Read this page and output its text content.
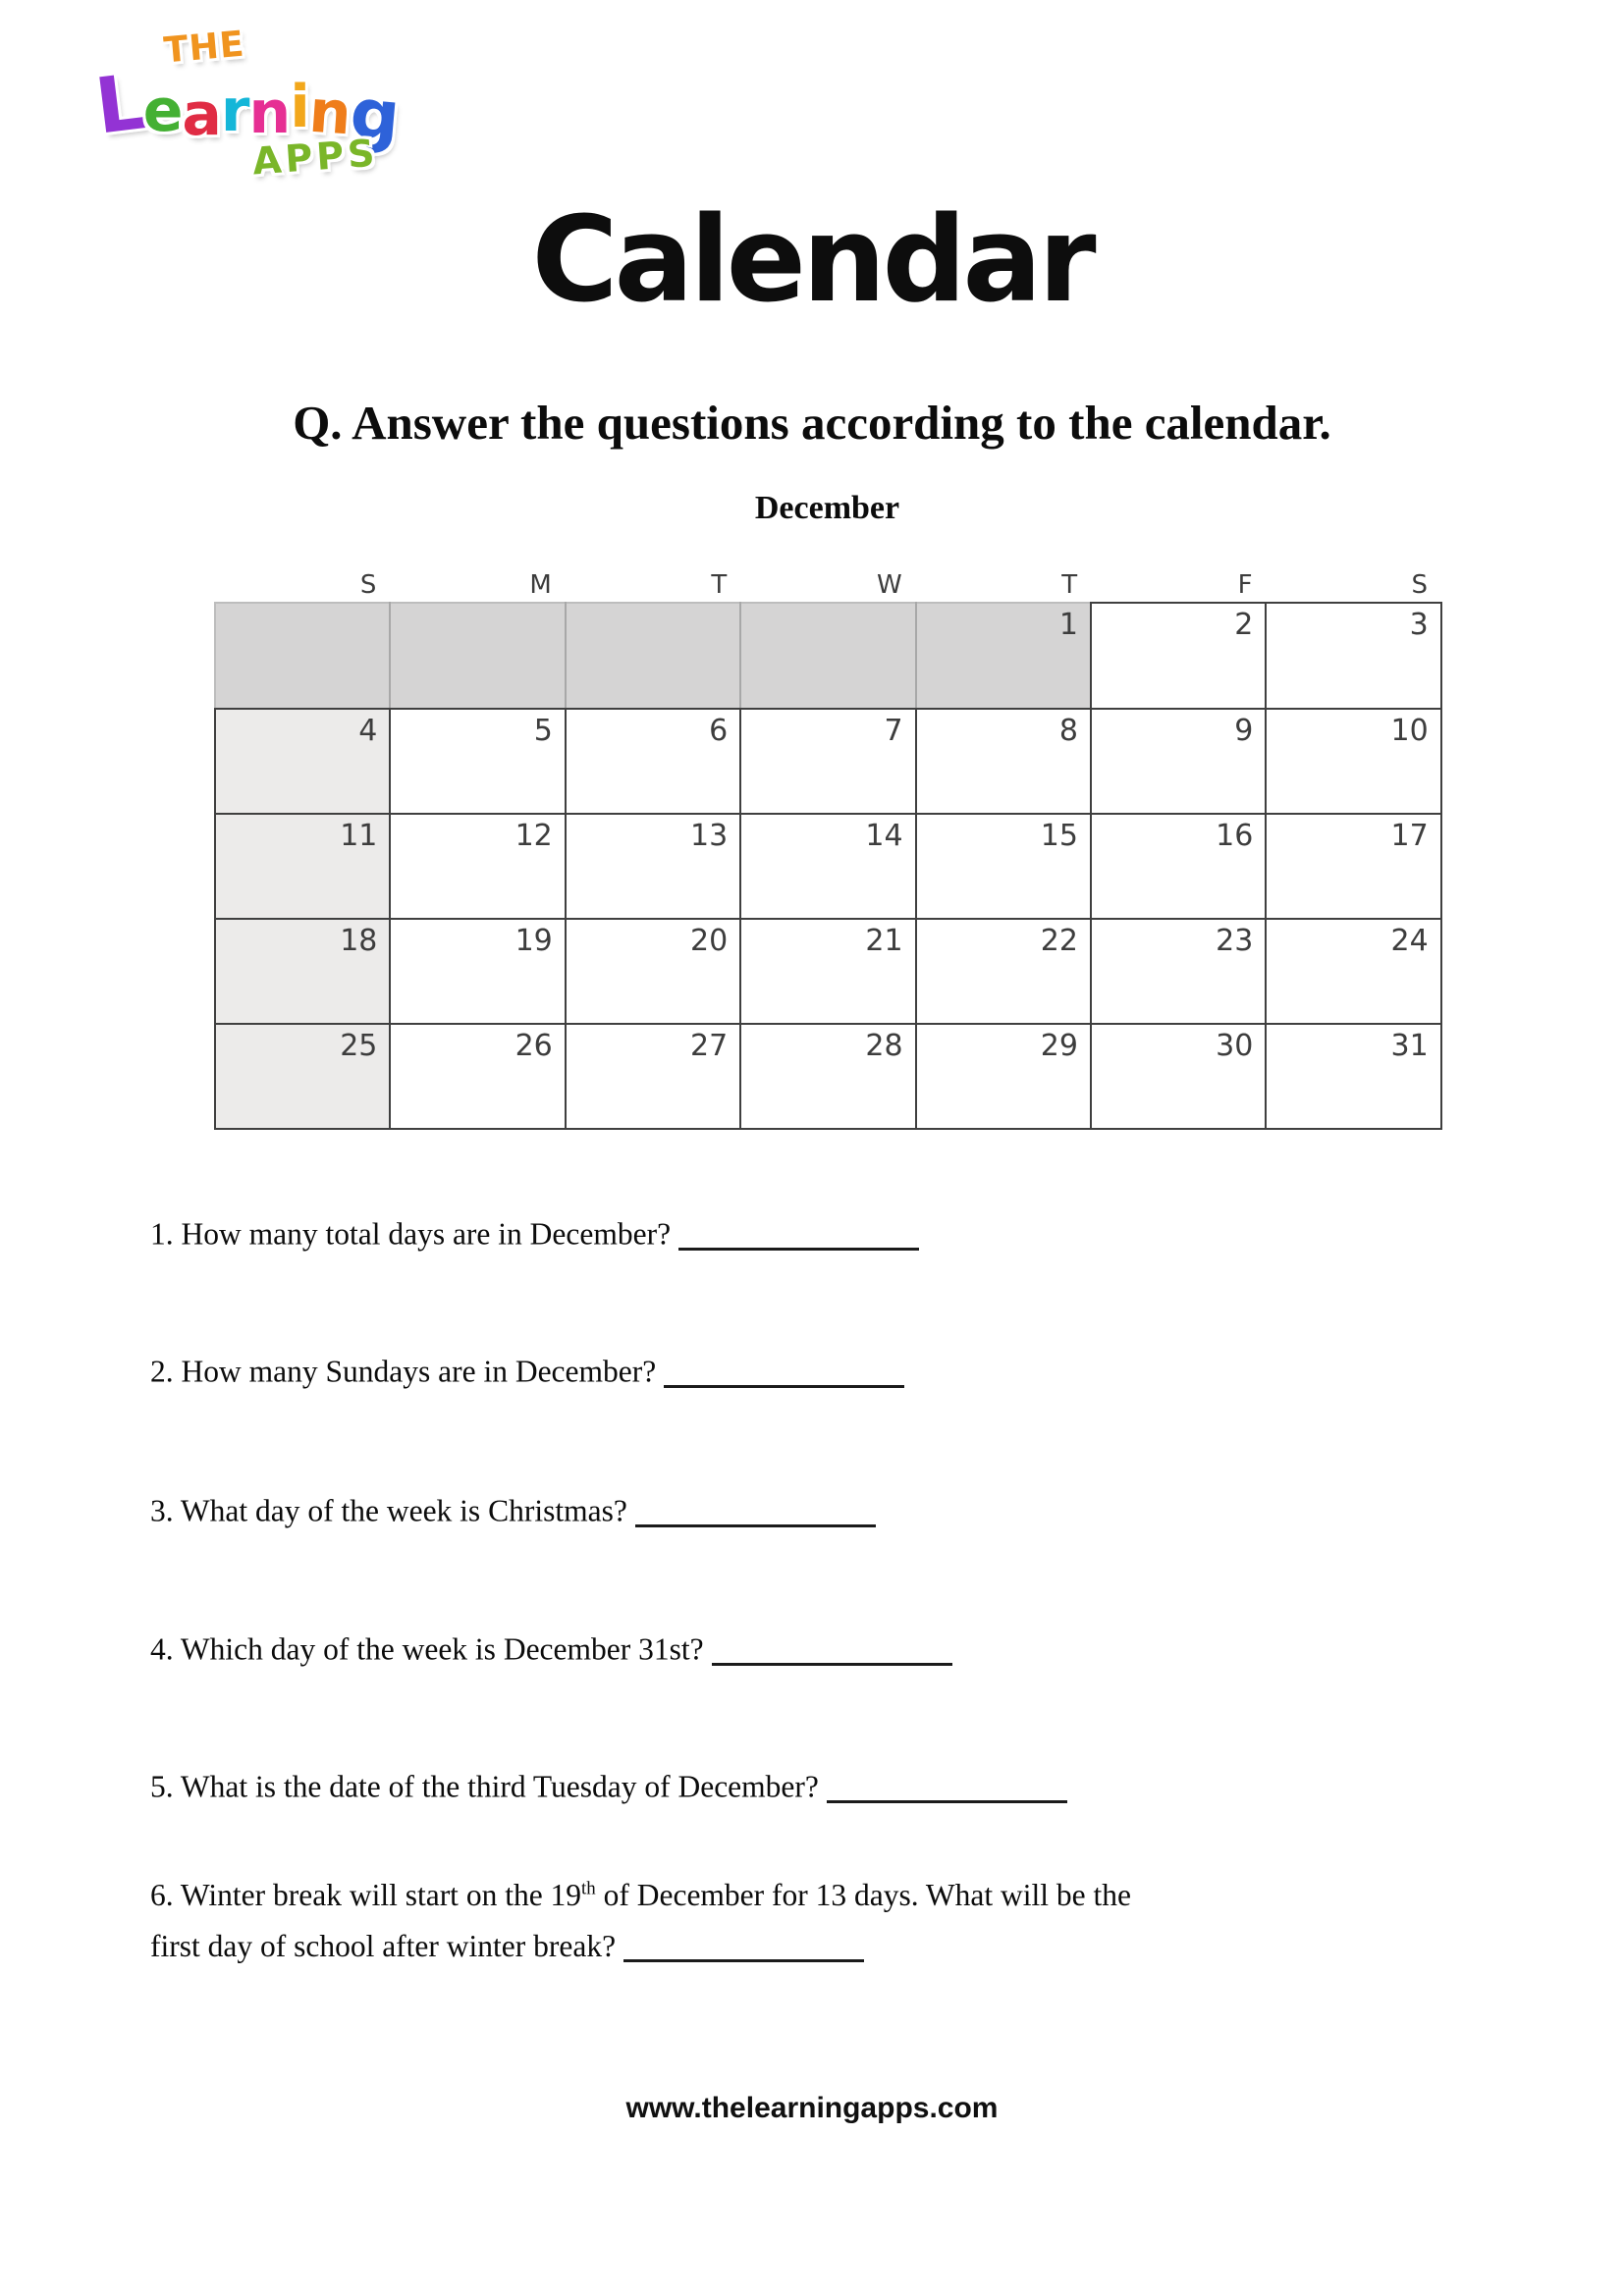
THE
Learning
APPS
Calendar
Q. Answer the questions according to the calendar.
December
S	M	T	W	T	F	S
				1	2	3
4	5	6	7	8	9	10
11	12	13	14	15	16	17
18	19	20	21	22	23	24
25	26	27	28	29	30	31
1. How many total days are in December?
2. How many Sundays are in December?
3. What day of the week is Christmas?
4. Which day of the week is December 31st?
5. What is the date of the third Tuesday of December?
6. Winter break will start on the 19th of December for 13 days. What will be the
first day of school after winter break?
www.thelearningapps.com
